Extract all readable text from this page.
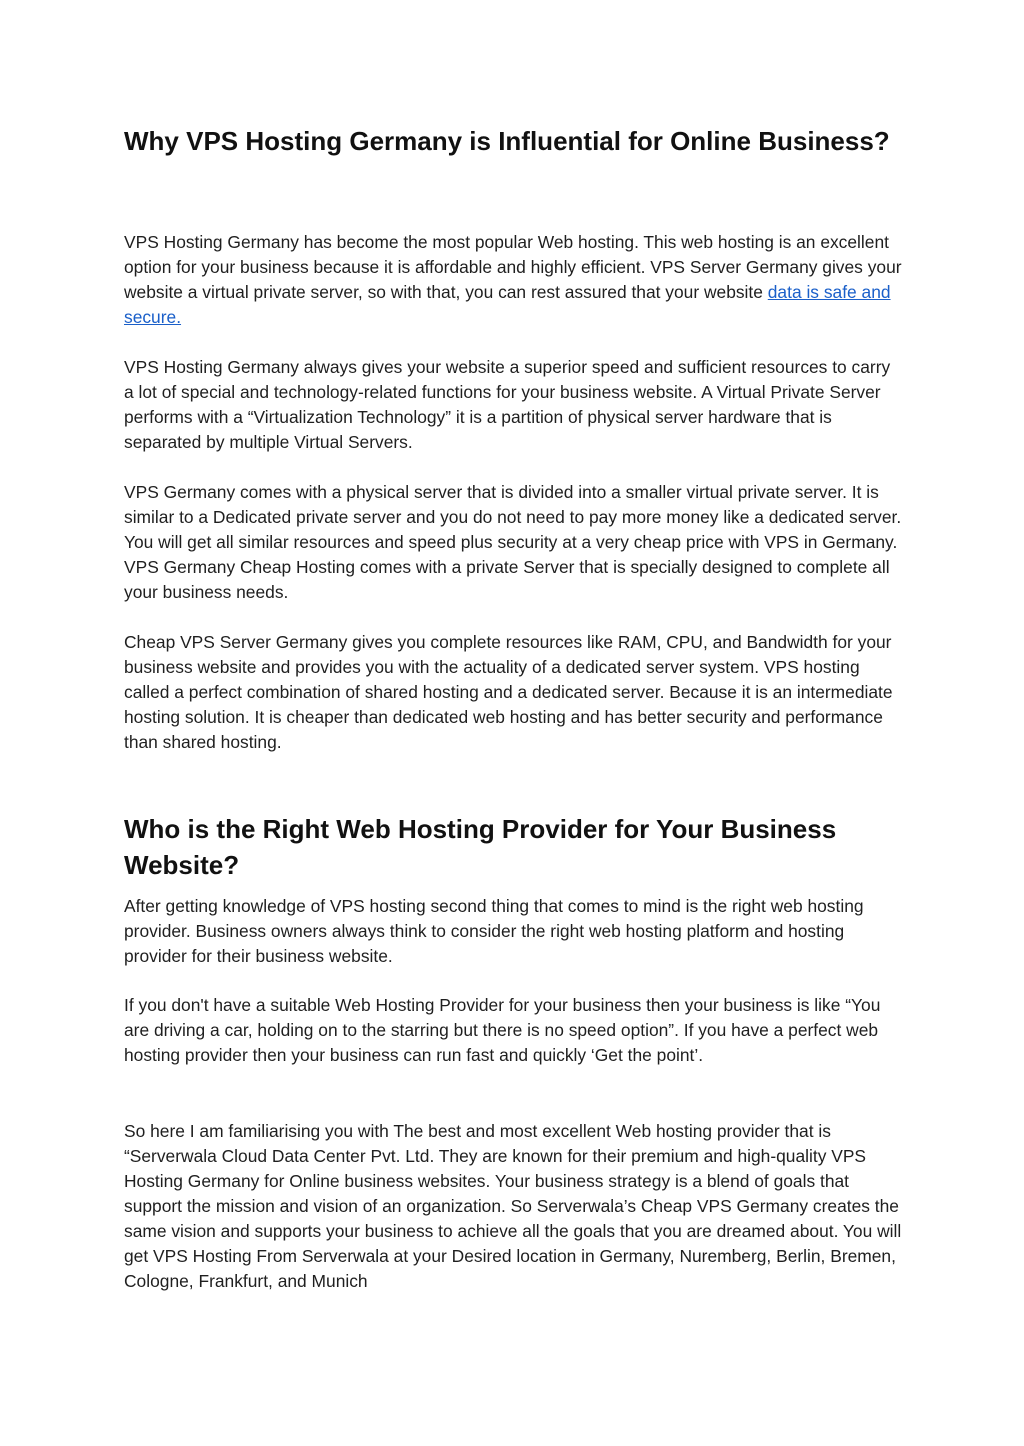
Why VPS Hosting Germany is Influential for Online Business?

VPS Hosting Germany has become the most popular Web hosting. This web hosting is an excellent option for your business because it is affordable and highly efficient. VPS Server Germany gives your website a virtual private server, so with that, you can rest assured that your website data is safe and secure.

VPS Hosting Germany always gives your website a superior speed and sufficient resources to carry a lot of special and technology-related functions for your business website. A Virtual Private Server performs with a “Virtualization Technology” it is a partition of physical server hardware that is separated by multiple Virtual Servers.

VPS Germany comes with a physical server that is divided into a smaller virtual private server. It is similar to a Dedicated private server and you do not need to pay more money like a dedicated server. You will get all similar resources and speed plus security at a very cheap price with VPS in Germany. VPS Germany Cheap Hosting comes with a private Server that is specially designed to complete all your business needs.

Cheap VPS Server Germany gives you complete resources like RAM, CPU, and Bandwidth for your business website and provides you with the actuality of a dedicated server system. VPS hosting called a perfect combination of shared hosting and a dedicated server. Because it is an intermediate hosting solution. It is cheaper than dedicated web hosting and has better security and performance than shared hosting.

Who is the Right Web Hosting Provider for Your Business Website?

After getting knowledge of VPS hosting second thing that comes to mind is the right web hosting provider. Business owners always think to consider the right web hosting platform and hosting provider for their business website.

If you don't have a suitable Web Hosting Provider for your business then your business is like “You are driving a car, holding on to the starring but there is no speed option”. If you have a perfect web hosting provider then your business can run fast and quickly ‘Get the point’.

So here I am familiarising you with The best and most excellent Web hosting provider that is “Serverwala Cloud Data Center Pvt. Ltd. They are known for their premium and high-quality VPS Hosting Germany for Online business websites. Your business strategy is a blend of goals that support the mission and vision of an organization. So Serverwala’s Cheap VPS Germany creates the same vision and supports your business to achieve all the goals that you are dreamed about. You will get VPS Hosting From Serverwala at your Desired location in Germany, Nuremberg, Berlin, Bremen, Cologne, Frankfurt, and Munich
